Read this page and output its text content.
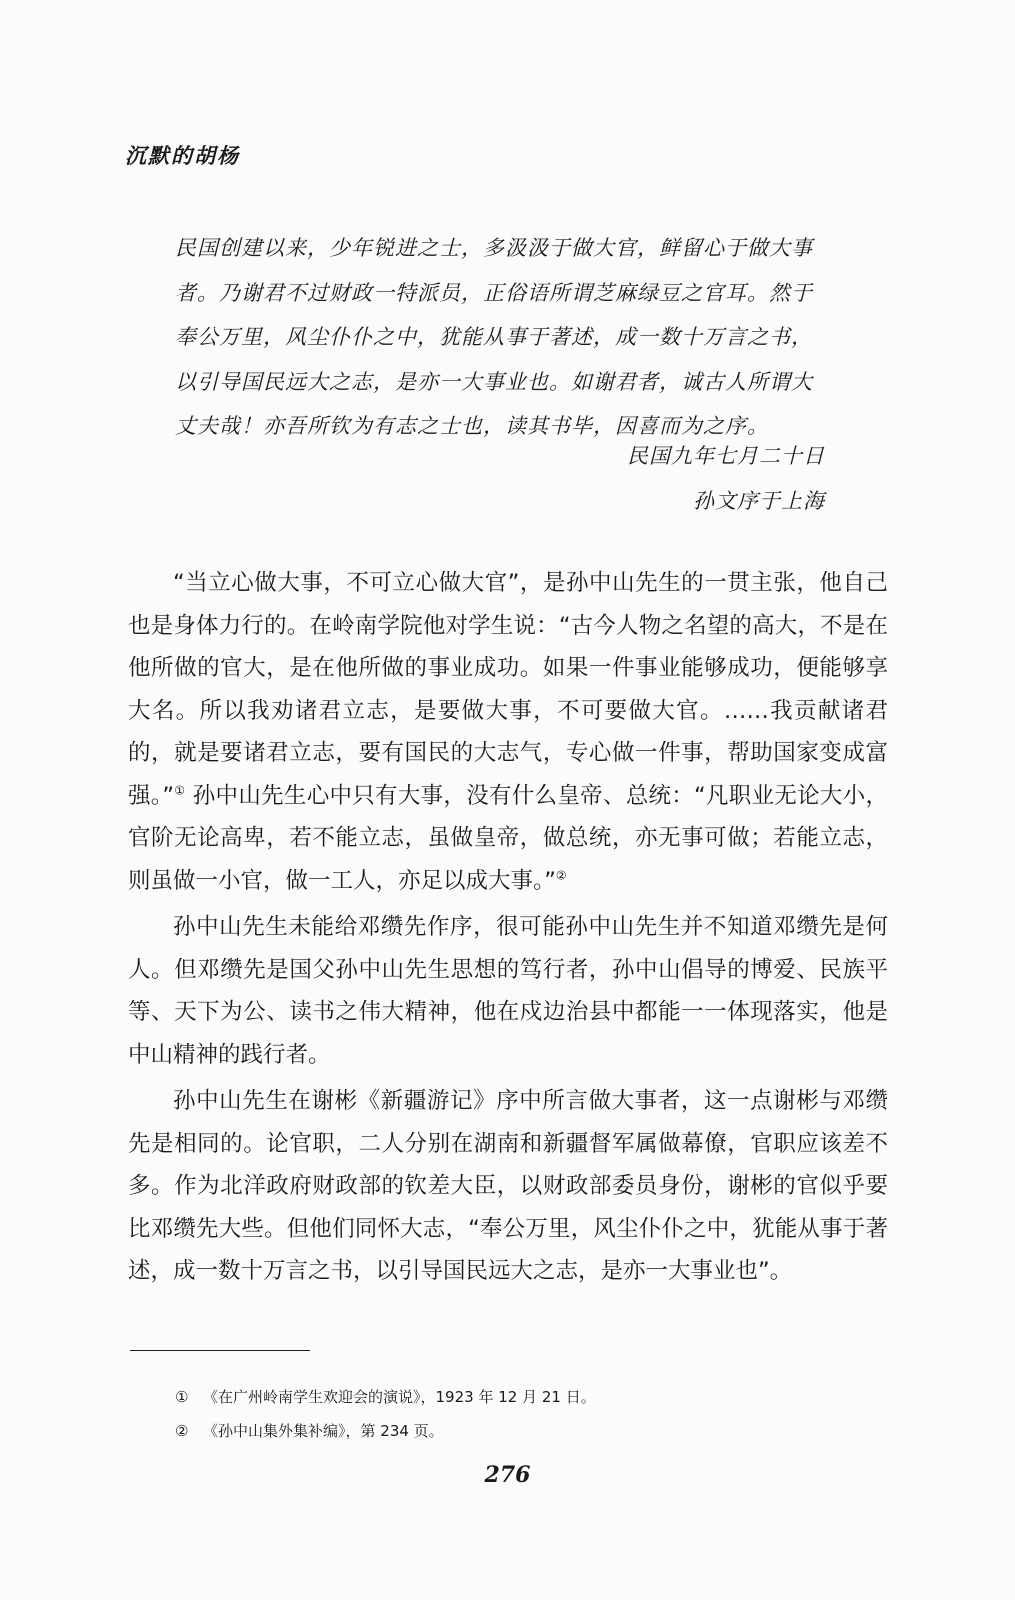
沉默的胡杨

民国创建以来，少年锐进之士，多汲汲于做大官，鲜留心于做大事

者。乃谢君不过财政一特派员，正俗语所谓芝麻绿豆之官耳。然于

奉公万里，风尘仆仆之中，犹能从事于著述，成一数十万言之书，

以引导国民远大之志，是亦一大事业也。如谢君者，诚古人所谓大

丈夫哉！亦吾所钦为有志之士也，读其书毕，因喜而为之序。

民国九年七月二十日
孙文序于上海

“当立心做大事，不可立心做大官”，是孙中山先生的一贯主张，他自己也是身体力行的。在岭南学院他对学生说：“古今人物之名望的高大，不是在他所做的官大，是在他所做的事业成功。如果一件事业能够成功，便能够享大名。所以我劝诸君立志，是要做大事，不可要做大官。……我贡献诸君的，就是要诸君立志，要有国民的大志气，专心做一件事，帮助国家变成富强。”① 孙中山先生心中只有大事，没有什么皇帝、总统：“凡职业无论大小，官阶无论高卑，若不能立志，虽做皇帝，做总统，亦无事可做；若能立志，则虽做一小官，做一工人，亦足以成大事。”②

孙中山先生未能给邓缵先作序，很可能孙中山先生并不知道邓缵先是何人。但邓缵先是国父孙中山先生思想的笃行者，孙中山倡导的博爱、民族平等、天下为公、读书之伟大精神，他在戍边治县中都能一一体现落实，他是中山精神的践行者。

孙中山先生在谢彬《新疆游记》序中所言做大事者，这一点谢彬与邓缵先是相同的。论官职，二人分别在湖南和新疆督军属做幕僚，官职应该差不多。作为北洋政府财政部的钦差大臣，以财政部委员身份，谢彬的官似乎要比邓缵先大些。但他们同怀大志，“奉公万里，风尘仆仆之中，犹能从事于著述，成一数十万言之书，以引导国民远大之志，是亦一大事业也”。

① 《在广州岭南学生欢迎会的演说》，1923 年 12 月 21 日。
② 《孙中山集外集补编》，第 234 页。
276
